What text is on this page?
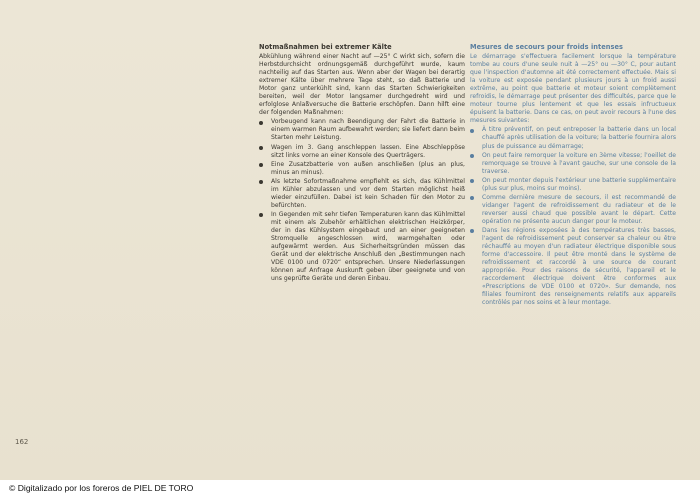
Notmaßnahmen bei extremer Kälte

Abkühlung während einer Nacht auf —25° C wirkt sich, sofern die Herbstdurchsicht ordnungsgemäß durchgeführt wurde, kaum nachteilig auf das Starten aus. Wenn aber der Wagen bei derartig extremer Kälte über mehrere Tage steht, so daß Batterie und Motor ganz unterkühlt sind, kann das Starten Schwierigkeiten bereiten, weil der Motor langsamer durchgedreht wird und erfolglose Anlaßversuche die Batterie erschöpfen. Dann hilft eine der folgenden Maßnahmen:

Vorbeugend kann nach Beendigung der Fahrt die Batterie in einem warmen Raum aufbewahrt werden; sie liefert dann beim Starten mehr Leistung.
Wagen im 3. Gang anschleppen lassen. Eine Abschleppöse sitzt links vorne an einer Konsole des Querträgers.
Eine Zusatzbatterie von außen anschließen (plus an plus, minus an minus).
Als letzte Sofortmaßnahme empfiehlt es sich, das Kühlmittel im Kühler abzulassen und vor dem Starten möglichst heiß wieder einzufüllen. Dabei ist kein Schaden für den Motor zu befürchten.
In Gegenden mit sehr tiefen Temperaturen kann das Kühlmittel mit einem als Zubehör erhältlichen elektrischen Heizkörper, der in das Kühlsystem eingebaut und an einer geeigneten Stromquelle angeschlossen wird, warmgehalten oder aufgewärmt werden. Aus Sicherheitsgründen müssen das Gerät und der elektrische Anschluß den „Bestimmungen nach VDE 0100 und 0720“ entsprechen. Unsere Niederlassungen können auf Anfrage Auskunft geben über geeignete und von uns geprüfte Geräte und deren Einbau.
Mesures de secours pour froids intenses

Le démarrage s'effectuera facilement lorsque la température tombe au cours d'une seule nuit à —25° ou —30° C, pour autant que l'inspection d'automne ait été correctement effectuée. Mais si la voiture est exposée pendant plusieurs jours à un froid aussi extrême, au point que batterie et moteur soient complètement refroidis, le démarrage peut présenter des difficultés, parce que le moteur tourne plus lentement et que les essais infructueux épuisent la batterie. Dans ce cas, on peut avoir recours à l'une des mesures suivantes:

À titre préventif, on peut entreposer la batterie dans un local chauffé après utilisation de la voiture; la batterie fournira alors plus de puissance au démarrage;
On peut faire remorquer la voiture en 3ème vitesse; l'oeillet de remorquage se trouve à l'avant gauche, sur une console de la traverse.
On peut monter depuis l'extérieur une batterie supplémentaire (plus sur plus, moins sur moins).
Comme dernière mesure de secours, il est recommandé de vidanger l'agent de refroidissement du radiateur et de le reverser aussi chaud que possible avant le départ. Cette opération ne présente aucun danger pour le moteur.
Dans les régions exposées à des températures très basses, l'agent de refroidissement peut conserver sa chaleur ou être réchauffé au moyen d'un radiateur électrique disponible sous forme d'accessoire. Il peut être monté dans le système de refroidissement et raccordé à une source de courant appropriée. Pour des raisons de sécurité, l'appareil et le raccordement électrique doivent être conformes aux «Prescriptions de VDE 0100 et 0720». Sur demande, nos filiales fourniront des renseignements relatifs aux appareils contrôlés par nos soins et à leur montage.
162
© Digitalizado por los foreros de PIEL DE TORO
